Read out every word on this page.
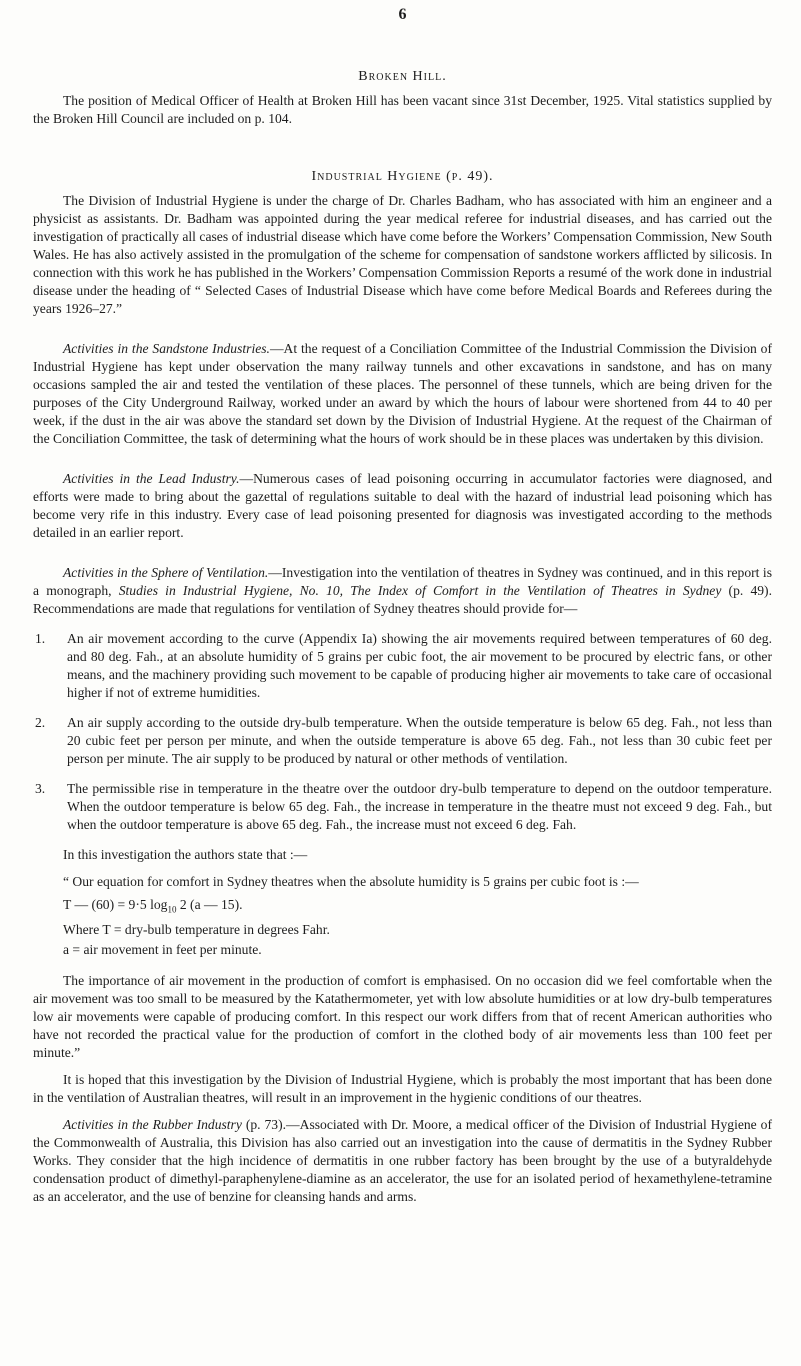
6
Broken Hill.

The position of Medical Officer of Health at Broken Hill has been vacant since 31st December, 1925. Vital statistics supplied by the Broken Hill Council are included on p. 104.

Industrial Hygiene (p. 49).

The Division of Industrial Hygiene is under the charge of Dr. Charles Badham, who has associated with him an engineer and a physicist as assistants. Dr. Badham was appointed during the year medical referee for industrial diseases, and has carried out the investigation of practically all cases of industrial disease which have come before the Workers’ Compensation Commission, New South Wales. He has also actively assisted in the promulgation of the scheme for compensation of sandstone workers afflicted by silicosis. In connection with this work he has published in the Workers’ Compensation Commission Reports a resumé of the work done in industrial disease under the heading of “ Selected Cases of Industrial Disease which have come before Medical Boards and Referees during the years 1926–27.”

Activities in the Sandstone Industries.—At the request of a Conciliation Committee of the Industrial Commission the Division of Industrial Hygiene has kept under observation the many railway tunnels and other excavations in sandstone, and has on many occasions sampled the air and tested the ventilation of these places. The personnel of these tunnels, which are being driven for the purposes of the City Underground Railway, worked under an award by which the hours of labour were shortened from 44 to 40 per week, if the dust in the air was above the standard set down by the Division of Industrial Hygiene. At the request of the Chairman of the Conciliation Committee, the task of determining what the hours of work should be in these places was undertaken by this division.

Activities in the Lead Industry.—Numerous cases of lead poisoning occurring in accumulator factories were diagnosed, and efforts were made to bring about the gazettal of regulations suitable to deal with the hazard of industrial lead poisoning which has become very rife in this industry. Every case of lead poisoning presented for diagnosis was investigated according to the methods detailed in an earlier report.

Activities in the Sphere of Ventilation.—Investigation into the ventilation of theatres in Sydney was continued, and in this report is a monograph, Studies in Industrial Hygiene, No. 10, The Index of Comfort in the Ventilation of Theatres in Sydney (p. 49). Recommendations are made that regulations for ventilation of Sydney theatres should provide for—

1. An air movement according to the curve (Appendix Ia) showing the air movements required between temperatures of 60 deg. and 80 deg. Fah., at an absolute humidity of 5 grains per cubic foot, the air movement to be procured by electric fans, or other means, and the machinery providing such movement to be capable of producing higher air movements to take care of occasional higher if not of extreme humidities.
2. An air supply according to the outside dry-bulb temperature. When the outside temperature is below 65 deg. Fah., not less than 20 cubic feet per person per minute, and when the outside temperature is above 65 deg. Fah., not less than 30 cubic feet per person per minute. The air supply to be produced by natural or other methods of ventilation.
3. The permissible rise in temperature in the theatre over the outdoor dry-bulb temperature to depend on the outdoor temperature. When the outdoor temperature is below 65 deg. Fah., the increase in temperature in the theatre must not exceed 9 deg. Fah., but when the outdoor temperature is above 65 deg. Fah., the increase must not exceed 6 deg. Fah.

In this investigation the authors state that :—

“ Our equation for comfort in Sydney theatres when the absolute humidity is 5 grains per cubic foot is :—

T — (60) = 9·5 $\log_{10} 2$ (a — 15).
Where T = dry-bulb temperature in degrees Fahr.
a = air movement in feet per minute.

The importance of air movement in the production of comfort is emphasised. On no occasion did we feel comfortable when the air movement was too small to be measured by the Katathermometer, yet with low absolute humidities or at low dry-bulb temperatures low air movements were capable of producing comfort. In this respect our work differs from that of recent American authorities who have not recorded the practical value for the production of comfort in the clothed body of air movements less than 100 feet per minute.”

It is hoped that this investigation by the Division of Industrial Hygiene, which is probably the most important that has been done in the ventilation of Australian theatres, will result in an improvement in the hygienic conditions of our theatres.

Activities in the Rubber Industry (p. 73).—Associated with Dr. Moore, a medical officer of the Division of Industrial Hygiene of the Commonwealth of Australia, this Division has also carried out an investigation into the cause of dermatitis in the Sydney Rubber Works. They consider that the high incidence of dermatitis in one rubber factory has been brought by the use of a butyraldehyde condensation product of dimethyl-paraphenylene-diamine as an accelerator, the use for an isolated period of hexamethylene-tetramine as an accelerator, and the use of benzine for cleansing hands and arms.
